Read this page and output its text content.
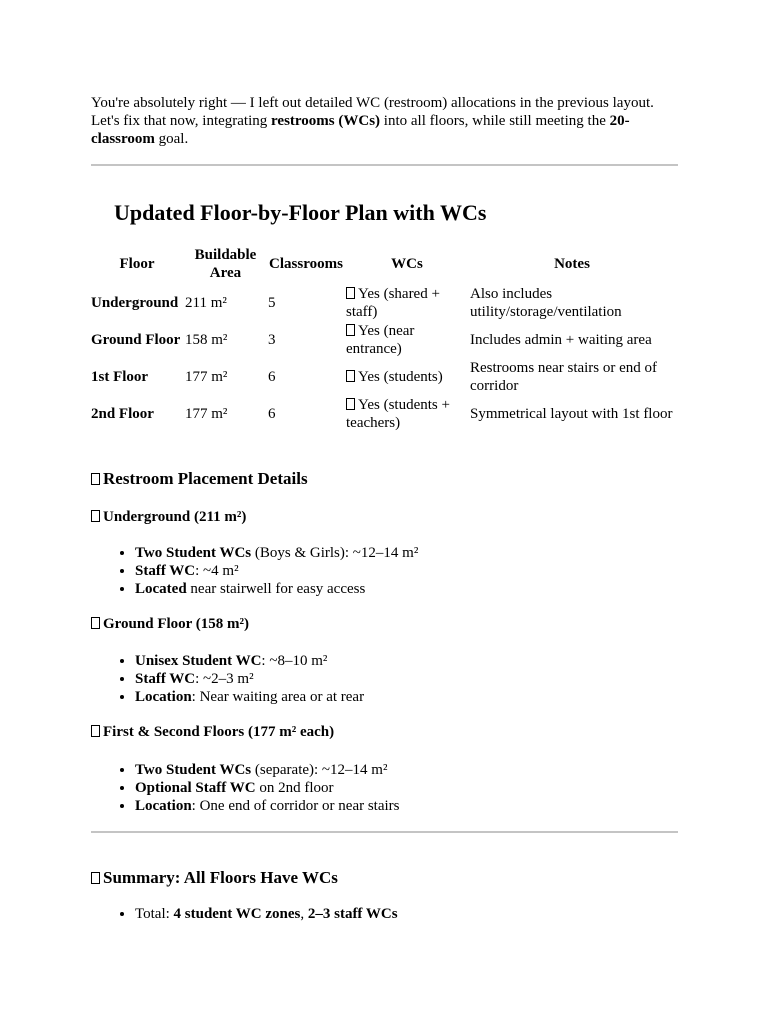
You're absolutely right — I left out detailed WC (restroom) allocations in the previous layout. Let's fix that now, integrating restrooms (WCs) into all floors, while still meeting the 20-classroom goal.

Updated Floor-by-Floor Plan with WCs
Floor	Buildable Area	Classrooms	WCs	Notes
Underground	211 m²	5	Yes (shared + staff)	Also includes utility/storage/ventilation
Ground Floor	158 m²	3	Yes (near entrance)	Includes admin + waiting area
1st Floor	177 m²	6	Yes (students)	Restrooms near stairs or end of corridor
2nd Floor	177 m²	6	Yes (students + teachers)	Symmetrical layout with 1st floor
Restroom Placement Details
Underground (211 m²)
• Two Student WCs (Boys & Girls): ~12–14 m²
• Staff WC: ~4 m²
• Located near stairwell for easy access
Ground Floor (158 m²)
• Unisex Student WC: ~8–10 m²
• Staff WC: ~2–3 m²
• Location: Near waiting area or at rear
First & Second Floors (177 m² each)
• Two Student WCs (separate): ~12–14 m²
• Optional Staff WC on 2nd floor
• Location: One end of corridor or near stairs
Summary: All Floors Have WCs
• Total: 4 student WC zones, 2–3 staff WCs
